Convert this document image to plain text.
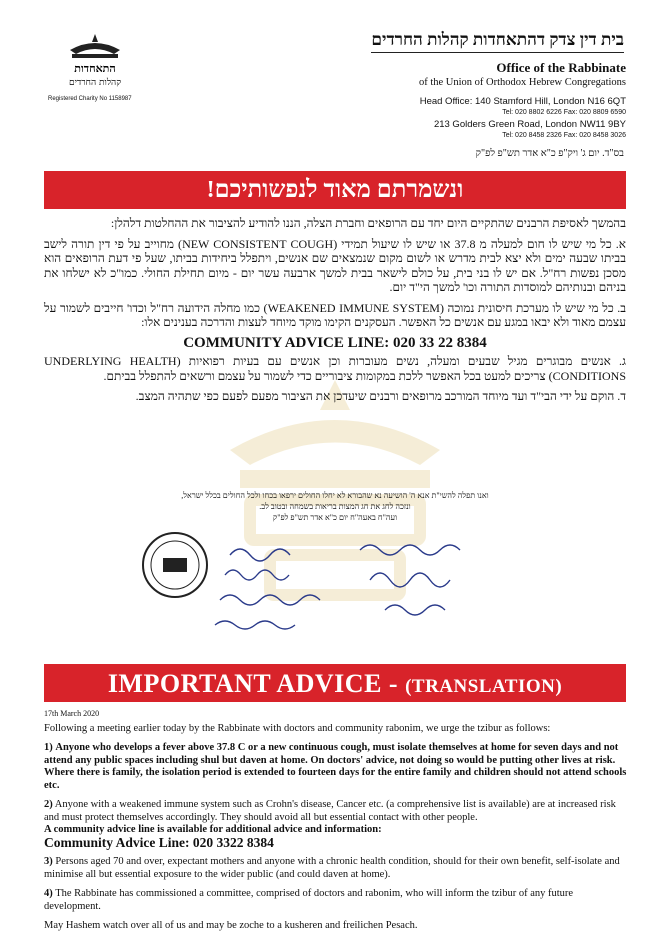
התאחדות
קהלות החרדים
Registered Charity No 1158987
בית דין צדק דהתאחדות קהלות החרדים
Office of the Rabbinate
of the Union of Orthodox Hebrew Congregations
Head Office: 140 Stamford Hill, London N16 6QT
Tel: 020 8802 6226 Fax: 020 8809 6590
213 Golders Green Road, London NW11 9BY
Tel: 020 8458 2326 Fax: 020 8458 3026
בס"ד. יום ג' ויק"פ כ"א אדר תש"פ לפ"ק
ונשמרתם מאוד לנפשותיכם!

בהמשך לאסיפת הרבנים שהתקיים היום יחד עם הרופאים וחברת הצלה, הננו להודיע להציבור את ההחלטות דלהלן:

א. כל מי שיש לו חום למעלה מ 37.8 או שיש לו שיעול תמידי (NEW CONSISTENT COUGH) מחוייב על פי דין תורה לישב בביתו שבעה ימים ולא יצא לבית מדרש או לשום מקום שנמצאים שם אנשים, ויתפלל ביחידות בביתו, שעל פי דעת הרופאים הוא מסכן נפשות רח"ל. אם יש לו בני בית, על כולם לישאר בבית למשך ארבעה עשר יום - מיום תחילת החולי. כמו"כ לא ישלחו את בניהם ובנותיהם למוסדות התורה וכו' למשך הי"ד יום.

ב. כל מי שיש לו מערכת חיסונית נמוכה (WEAKENED IMMUNE SYSTEM) כמו מחלה הידועה רח"ל וכדו' חייבים לשמור על עצמם מאוד ולא יבאו במגע עם אנשים כל האפשר. העסקנים הקימו מוקד מיוחד לעצות והדרכה בענינים אלו:

COMMUNITY ADVICE LINE: 020 33 22 8384

ג. אנשים מבוגרים מגיל שבעים ומעלה, נשים מעוברות וכן אנשים עם בעיות רפואיות (UNDERLYING HEALTH CONDITIONS) צריכים למעט בכל האפשר ללכת במקומות ציבוריים כדי לשמור על עצמם ורשאים להתפלל בביתם.

ד. הוקם על ידי הבי"ד ועד מיוחד המורכב מרופאים ורבנים שיעדכן את הציבור מפעם לפעם כפי שתהיה המצב.

ואנו תפלה להשי"ת אנא ה' הושיעה נא שהבורא לא יחלו החולים ירפאו בכחו ולכל החולים בכלל ישראל,
ונזכה לחג את חג המצות בריאות בשמחה ובטוב לב.
ועה"ח באעה"ח יום כ"א אדר תש"פ לפ"ק
IMPORTANT ADVICE - (TRANSLATION)

17th March 2020

Following a meeting earlier today by the Rabbinate with doctors and community rabonim, we urge the tzibur as follows:

1) Anyone who develops a fever above 37.8 C or a new continuous cough, must isolate themselves at home for seven days and not attend any public spaces including shul but daven at home. On doctors' advice, not doing so would be putting other lives at risk. Where there is family, the isolation period is extended to fourteen days for the entire family and children should not attend schools etc.

2) Anyone with a weakened immune system such as Crohn's disease, Cancer etc. (a comprehensive list is available) are at increased risk and must protect themselves accordingly. They should avoid all but essential contact with other people.

A community advice line is available for additional advice and information:

Community Advice Line: 020 3322 8384

3) Persons aged 70 and over, expectant mothers and anyone with a chronic health condition, should for their own benefit, self-isolate and minimise all but essential exposure to the wider public (and could daven at home).

4) The Rabbinate has commissioned a committee, comprised of doctors and rabonim, who will inform the tzibur of any future development.

May Hashem watch over all of us and may be zoche to a kusheren and freilichen Pesach.
